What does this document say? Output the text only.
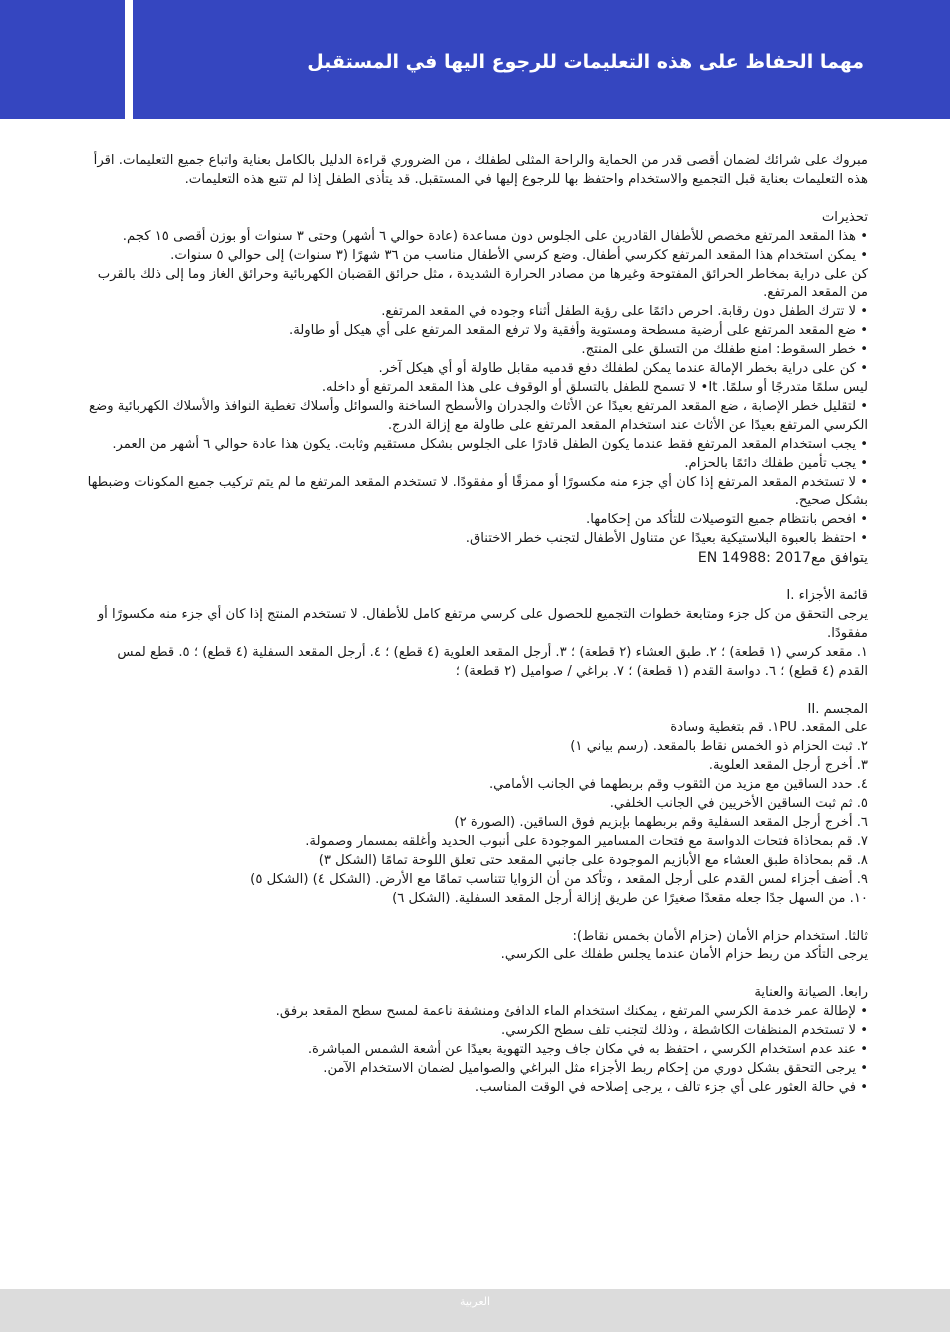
مهما الحفاظ على هذه التعليمات للرجوع اليها في المستقبل

مبروك على شرائك لضمان أقصى قدر من الحماية والراحة المثلى لطفلك ، من الضروري قراءة الدليل بالكامل بعناية واتباع جميع التعليمات. اقرأ هذه التعليمات بعناية قبل التجميع والاستخدام واحتفظ بها للرجوع إليها في المستقبل. قد يتأذى الطفل إذا لم تتبع هذه التعليمات.

تحذيرات

• هذا المقعد المرتفع مخصص للأطفال القادرين على الجلوس دون مساعدة (عادة حوالي ٦ أشهر) وحتى ٣ سنوات أو بوزن أقصى ١٥ كجم.

• يمكن استخدام هذا المقعد المرتفع ككرسي أطفال. وضع كرسي الأطفال مناسب من ٣٦ شهرًا (٣ سنوات) إلى حوالي ٥ سنوات.

كن على دراية بمخاطر الحرائق المفتوحة وغيرها من مصادر الحرارة الشديدة ، مثل حرائق القضبان الكهربائية وحرائق الغاز وما إلى ذلك بالقرب من المقعد المرتفع.

• لا تترك الطفل دون رقابة. احرص دائمًا على رؤية الطفل أثناء وجوده في المقعد المرتفع.

• ضع المقعد المرتفع على أرضية مسطحة ومستوية وأفقية ولا ترفع المقعد المرتفع على أي هيكل أو طاولة.

• خطر السقوط: امنع طفلك من التسلق على المنتج.

• كن على دراية بخطر الإمالة عندما يمكن لطفلك دفع قدميه مقابل طاولة أو أي هيكل آخر.

ليس سلمًا متدرجًا أو سلمًا. It• لا تسمح للطفل بالتسلق أو الوقوف على هذا المقعد المرتفع أو داخله.

• لتقليل خطر الإصابة ، ضع المقعد المرتفع بعيدًا عن الأثاث والجدران والأسطح الساخنة والسوائل وأسلاك تغطية النوافذ والأسلاك الكهربائية وضع الكرسي المرتفع بعيدًا عن الأثاث عند استخدام المقعد المرتفع على طاولة مع إزالة الدرج.

• يجب استخدام المقعد المرتفع فقط عندما يكون الطفل قادرًا على الجلوس بشكل مستقيم وثابت. يكون هذا عادة حوالي ٦ أشهر من العمر.

• يجب تأمين طفلك دائمًا بالحزام.

• لا تستخدم المقعد المرتفع إذا كان أي جزء منه مكسورًا أو ممزقًا أو مفقودًا. لا تستخدم المقعد المرتفع ما لم يتم تركيب جميع المكونات وضبطها بشكل صحيح.

• افحص بانتظام جميع التوصيلات للتأكد من إحكامها.

• احتفظ بالعبوة البلاستيكية بعيدًا عن متناول الأطفال لتجنب خطر الاختناق.

يتوافق معEN 14988: 2017

قائمة الأجزاء .I

يرجى التحقق من كل جزء ومتابعة خطوات التجميع للحصول على كرسي مرتفع كامل للأطفال. لا تستخدم المنتج إذا كان أي جزء منه مكسورًا أو مفقودًا.

١. مقعد كرسي (١ قطعة) ؛ ٢. طبق العشاء (٢ قطعة) ؛ ٣. أرجل المقعد العلوية (٤ قطع) ؛ ٤. أرجل المقعد السفلية (٤ قطع) ؛ ٥. قطع لمس القدم (٤ قطع) ؛ ٦. دواسة القدم (١ قطعة) ؛ ٧. براغي / صواميل (٢ قطعة) ؛

المجسم .II

على المقعد. ١PU. قم بتغطية وسادة

٢. ثبت الحزام ذو الخمس نقاط بالمقعد. (رسم بياني ١)

٣. أخرج أرجل المقعد العلوية.

٤. حدد الساقين مع مزيد من الثقوب وقم بربطهما في الجانب الأمامي.

٥. ثم ثبت الساقين الأخريين في الجانب الخلفي.

٦. أخرج أرجل المقعد السفلية وقم بربطهما بإبزيم فوق الساقين. (الصورة ٢)

٧. قم بمحاذاة فتحات الدواسة مع فتحات المسامير الموجودة على أنبوب الحديد وأغلقه بمسمار وصمولة.

٨. قم بمحاذاة طبق العشاء مع الأبازيم الموجودة على جانبي المقعد حتى تعلق اللوحة تمامًا (الشكل ٣)

٩. أضف أجزاء لمس القدم على أرجل المقعد ، وتأكد من أن الزوايا تتناسب تمامًا مع الأرض. (الشكل ٤) (الشكل ٥)

١٠. من السهل جدًا جعله مقعدًا صغيرًا عن طريق إزالة أرجل المقعد السفلية. (الشكل ٦)

ثالثا. استخدام حزام الأمان (حزام الأمان بخمس نقاط):

يرجى التأكد من ربط حزام الأمان عندما يجلس طفلك على الكرسي.

رابعا. الصيانة والعناية

• لإطالة عمر خدمة الكرسي المرتفع ، يمكنك استخدام الماء الدافئ ومنشفة ناعمة لمسح سطح المقعد برفق.

• لا تستخدم المنظفات الكاشطة ، وذلك لتجنب تلف سطح الكرسي.

• عند عدم استخدام الكرسي ، احتفظ به في مكان جاف وجيد التهوية بعيدًا عن أشعة الشمس المباشرة.

• يرجى التحقق بشكل دوري من إحكام ربط الأجزاء مثل البراغي والصواميل لضمان الاستخدام الآمن.

• في حالة العثور على أي جزء تالف ، يرجى إصلاحه في الوقت المناسب.

العربية
